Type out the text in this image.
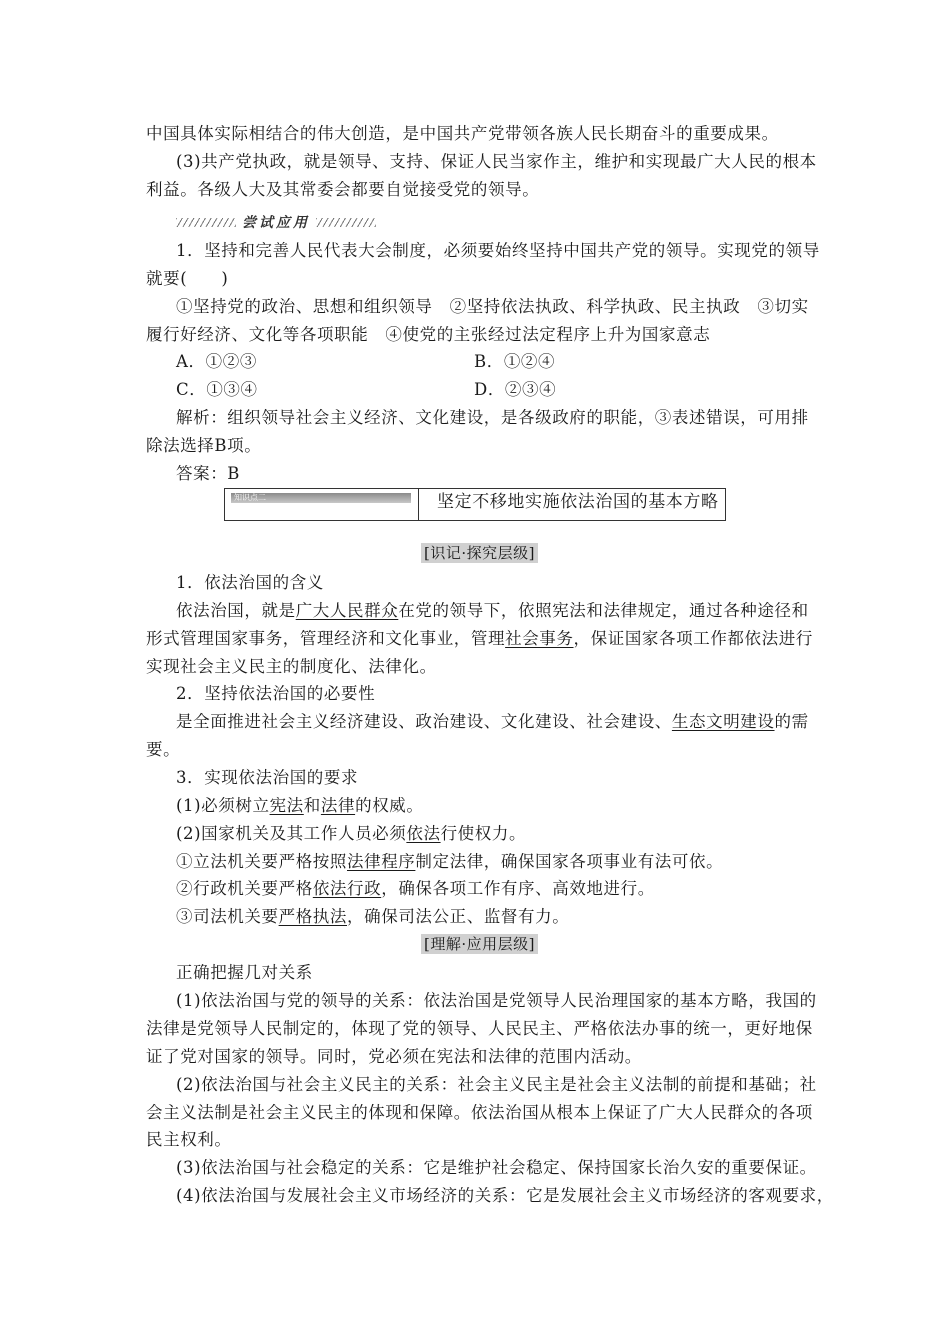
中国具体实际相结合的伟大创造，是中国共产党带领各族人民长期奋斗的重要成果。
(3)共产党执政，就是领导、支持、保证人民当家作主，维护和实现最广大人民的根本
利益。各级人大及其常委会都要自觉接受党的领导。
尝试应用
1．坚持和完善人民代表大会制度，必须要始终坚持中国共产党的领导。实现党的领导
就要(　　)
①坚持党的政治、思想和组织领导　②坚持依法执政、科学执政、民主执政　③切实
履行好经济、文化等各项职能　④使党的主张经过法定程序上升为国家意志
A．①②③	B．①②④
C．①③④	D．②③④
解析：组织领导社会主义经济、文化建设，是各级政府的职能，③表述错误，可用排
除法选择B项。
答案：B
知识点二	坚定不移地实施依法治国的基本方略
[识记·探究层级]
1．依法治国的含义
依法治国，就是广大人民群众在党的领导下，依照宪法和法律规定，通过各种途径和
形式管理国家事务，管理经济和文化事业，管理社会事务，保证国家各项工作都依法进行
实现社会主义民主的制度化、法律化。
2．坚持依法治国的必要性
是全面推进社会主义经济建设、政治建设、文化建设、社会建设、生态文明建设的需
要。
3．实现依法治国的要求
(1)必须树立宪法和法律的权威。
(2)国家机关及其工作人员必须依法行使权力。
①立法机关要严格按照法律程序制定法律，确保国家各项事业有法可依。
②行政机关要严格依法行政，确保各项工作有序、高效地进行。
③司法机关要严格执法，确保司法公正、监督有力。
[理解·应用层级]
正确把握几对关系
(1)依法治国与党的领导的关系：依法治国是党领导人民治理国家的基本方略，我国的
法律是党领导人民制定的，体现了党的领导、人民民主、严格依法办事的统一，更好地保
证了党对国家的领导。同时，党必须在宪法和法律的范围内活动。
(2)依法治国与社会主义民主的关系：社会主义民主是社会主义法制的前提和基础；社
会主义法制是社会主义民主的体现和保障。依法治国从根本上保证了广大人民群众的各项
民主权利。
(3)依法治国与社会稳定的关系：它是维护社会稳定、保持国家长治久安的重要保证。
(4)依法治国与发展社会主义市场经济的关系：它是发展社会主义市场经济的客观要求，
